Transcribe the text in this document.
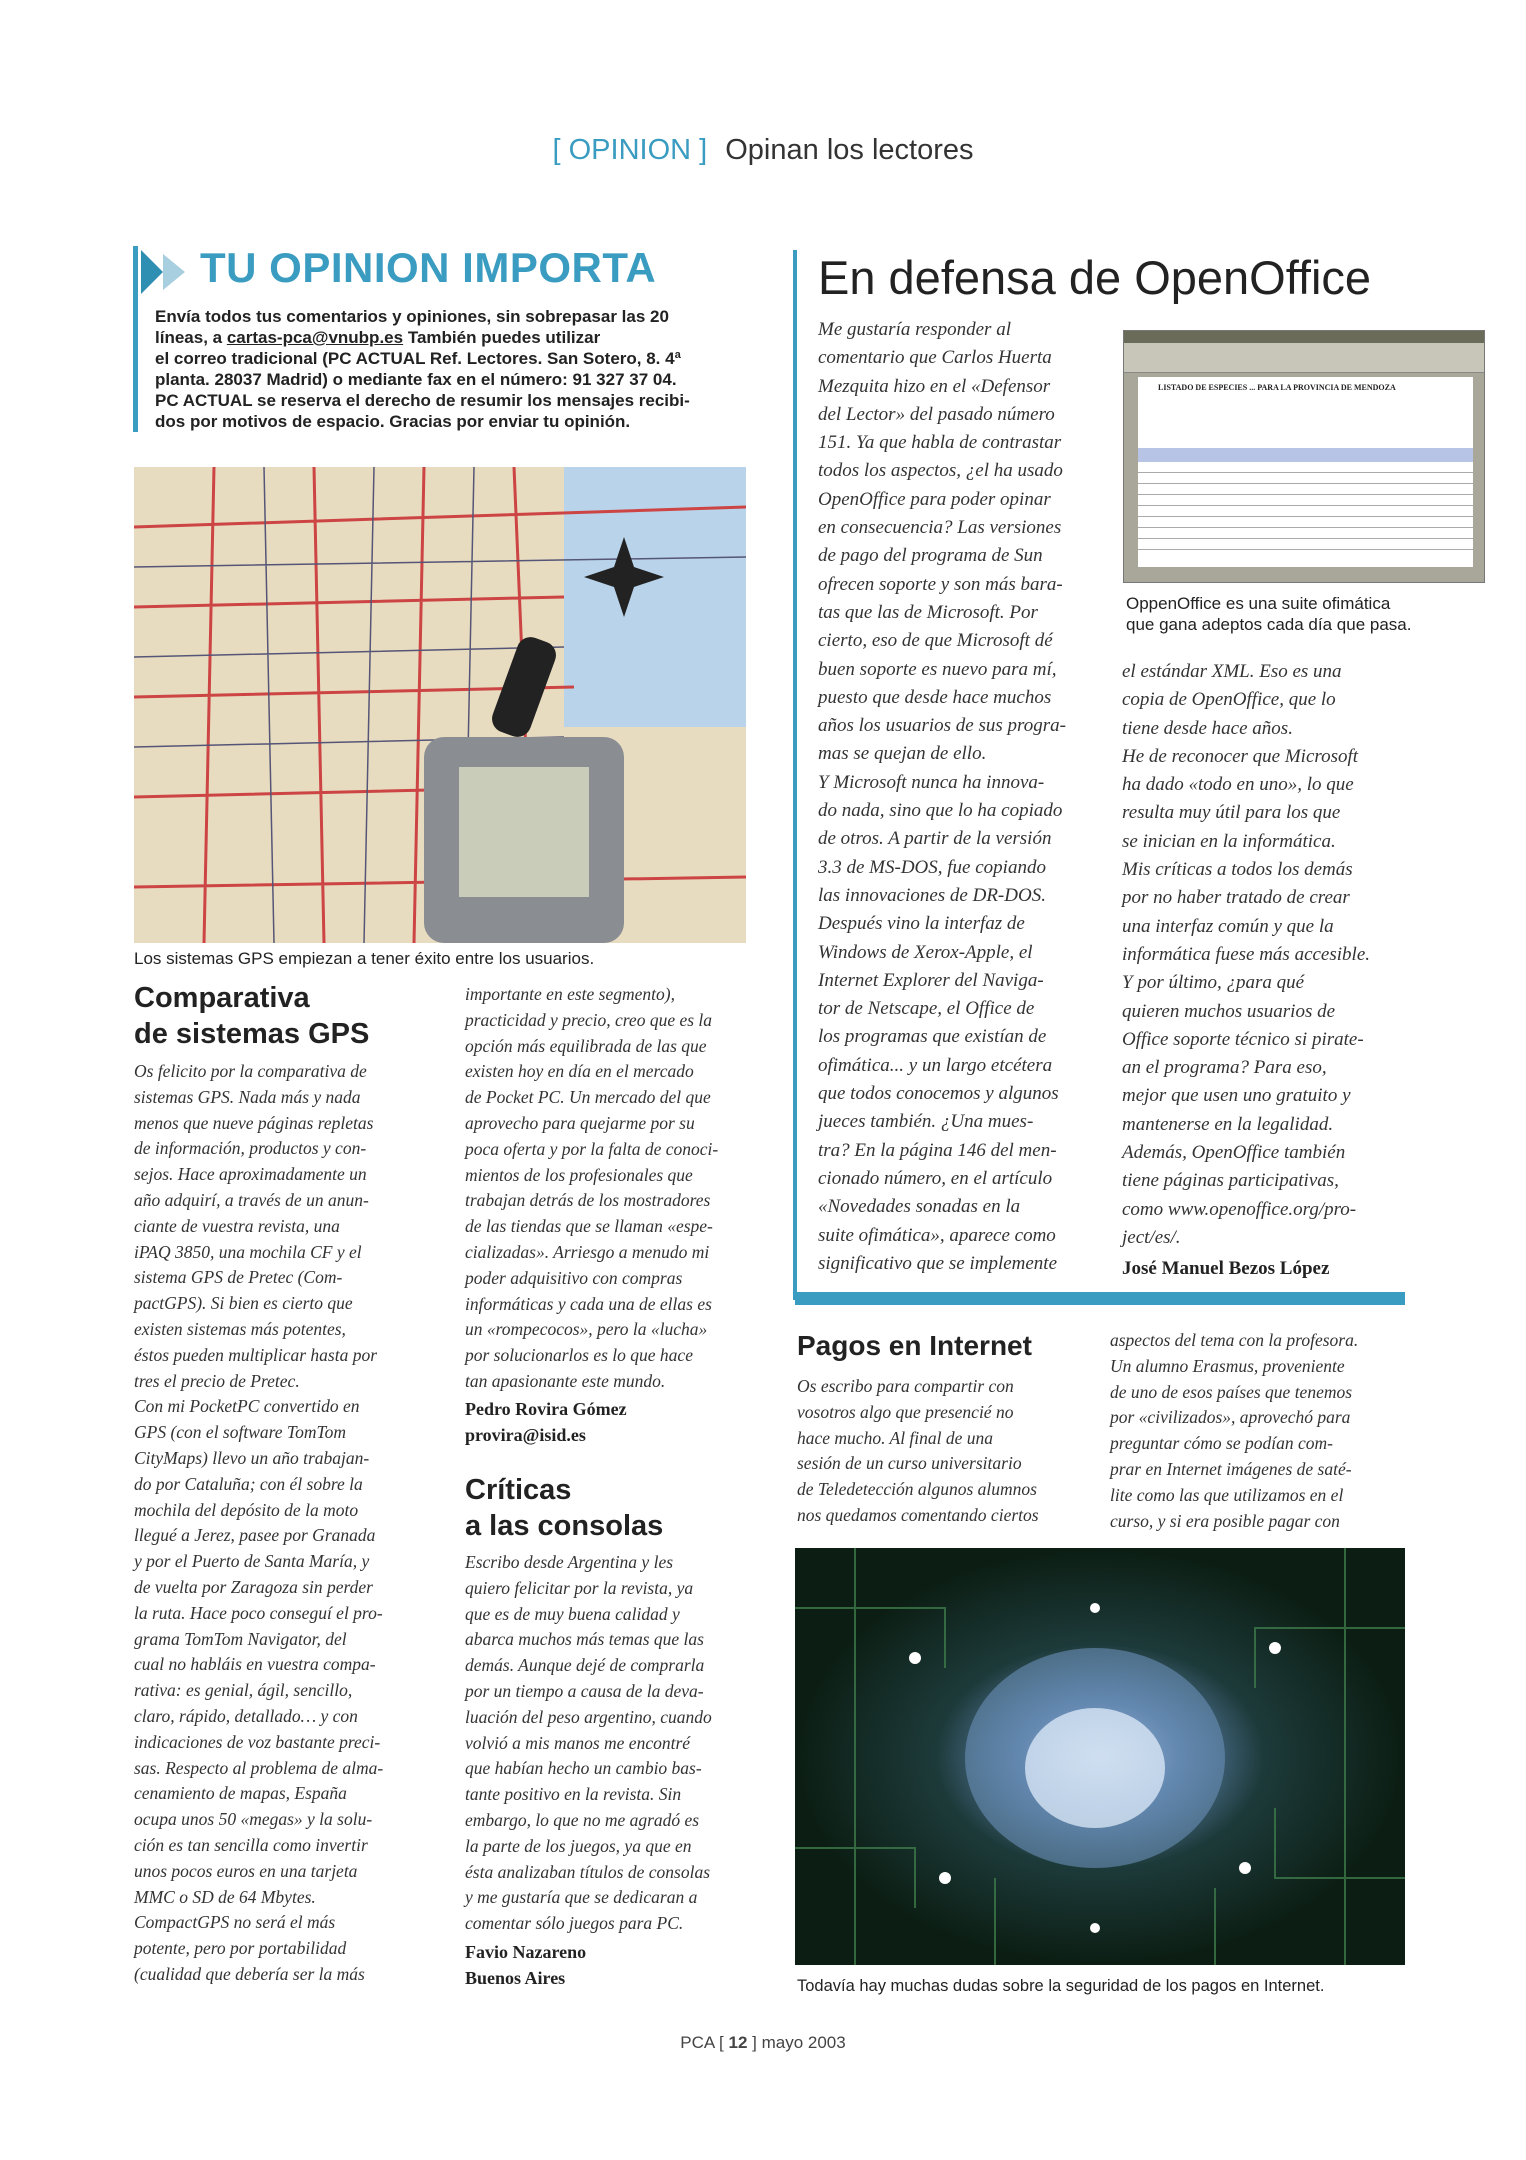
[ OPINION ] Opinan los lectores
TU OPINION IMPORTA
Envía todos tus comentarios y opiniones, sin sobrepasar las 20
líneas, a cartas-pca@vnubp.es También puedes utilizar
el correo tradicional (PC ACTUAL Ref. Lectores. San Sotero, 8. 4ª
planta. 28037 Madrid) o mediante fax en el número: 91 327 37 04.
PC ACTUAL se reserva el derecho de resumir los mensajes recibi-
dos por motivos de espacio. Gracias por enviar tu opinión.
Los sistemas GPS empiezan a tener éxito entre los usuarios.
Comparativa
de sistemas GPS
Os felicito por la comparativa de
sistemas GPS. Nada más y nada
menos que nueve páginas repletas
de información, productos y con-
sejos. Hace aproximadamente un
año adquirí, a través de un anun-
ciante de vuestra revista, una
iPAQ 3850, una mochila CF y el
sistema GPS de Pretec (Com-
pactGPS). Si bien es cierto que
existen sistemas más potentes,
éstos pueden multiplicar hasta por
tres el precio de Pretec.
Con mi PocketPC convertido en
GPS (con el software TomTom
CityMaps) llevo un año trabajan-
do por Cataluña; con él sobre la
mochila del depósito de la moto
llegué a Jerez, pasee por Granada
y por el Puerto de Santa María, y
de vuelta por Zaragoza sin perder
la ruta. Hace poco conseguí el pro-
grama TomTom Navigator, del
cual no habláis en vuestra compa-
rativa: es genial, ágil, sencillo,
claro, rápido, detallado… y con
indicaciones de voz bastante preci-
sas. Respecto al problema de alma-
cenamiento de mapas, España
ocupa unos 50 «megas» y la solu-
ción es tan sencilla como invertir
unos pocos euros en una tarjeta
MMC o SD de 64 Mbytes.
CompactGPS no será el más
potente, pero por portabilidad
(cualidad que debería ser la más
importante en este segmento),
practicidad y precio, creo que es la
opción más equilibrada de las que
existen hoy en día en el mercado
de Pocket PC. Un mercado del que
aprovecho para quejarme por su
poca oferta y por la falta de conoci-
mientos de los profesionales que
trabajan detrás de los mostradores
de las tiendas que se llaman «espe-
cializadas». Arriesgo a menudo mi
poder adquisitivo con compras
informáticas y cada una de ellas es
un «rompecocos», pero la «lucha»
por solucionarlos es lo que hace
tan apasionante este mundo.
Pedro Rovira Gómez
provira@isid.es
Críticas
a las consolas
Escribo desde Argentina y les
quiero felicitar por la revista, ya
que es de muy buena calidad y
abarca muchos más temas que las
demás. Aunque dejé de comprarla
por un tiempo a causa de la deva-
luación del peso argentino, cuando
volvió a mis manos me encontré
que habían hecho un cambio bas-
tante positivo en la revista. Sin
embargo, lo que no me agradó es
la parte de los juegos, ya que en
ésta analizaban títulos de consolas
y me gustaría que se dedicaran a
comentar sólo juegos para PC.
Favio Nazareno
Buenos Aires
En defensa de OpenOffice
Me gustaría responder al
comentario que Carlos Huerta
Mezquita hizo en el «Defensor
del Lector» del pasado número
151. Ya que habla de contrastar
todos los aspectos, ¿el ha usado
OpenOffice para poder opinar
en consecuencia? Las versiones
de pago del programa de Sun
ofrecen soporte y son más bara-
tas que las de Microsoft. Por
cierto, eso de que Microsoft dé
buen soporte es nuevo para mí,
puesto que desde hace muchos
años los usuarios de sus progra-
mas se quejan de ello.
Y Microsoft nunca ha innova-
do nada, sino que lo ha copiado
de otros. A partir de la versión
3.3 de MS-DOS, fue copiando
las innovaciones de DR-DOS.
Después vino la interfaz de
Windows de Xerox-Apple, el
Internet Explorer del Naviga-
tor de Netscape, el Office de
los programas que existían de
ofimática... y un largo etcétera
que todos conocemos y algunos
jueces también. ¿Una mues-
tra? En la página 146 del men-
cionado número, en el artículo
«Novedades sonadas en la
suite ofimática», aparece como
significativo que se implemente
LISTADO DE ESPECIES ... PARA LA PROVINCIA DE MENDOZA
OppenOffice es una suite ofimática
que gana adeptos cada día que pasa.
el estándar XML. Eso es una
copia de OpenOffice, que lo
tiene desde hace años.
He de reconocer que Microsoft
ha dado «todo en uno», lo que
resulta muy útil para los que
se inician en la informática.
Mis críticas a todos los demás
por no haber tratado de crear
una interfaz común y que la
informática fuese más accesible.
Y por último, ¿para qué
quieren muchos usuarios de
Office soporte técnico si pirate-
an el programa? Para eso,
mejor que usen uno gratuito y
mantenerse en la legalidad.
Además, OpenOffice también
tiene páginas participativas,
como www.openoffice.org/pro-
ject/es/.
José Manuel Bezos López
Pagos en Internet
Os escribo para compartir con
vosotros algo que presencié no
hace mucho. Al final de una
sesión de un curso universitario
de Teledetección algunos alumnos
nos quedamos comentando ciertos
aspectos del tema con la profesora.
Un alumno Erasmus, proveniente
de uno de esos países que tenemos
por «civilizados», aprovechó para
preguntar cómo se podían com-
prar en Internet imágenes de saté-
lite como las que utilizamos en el
curso, y si era posible pagar con
Todavía hay muchas dudas sobre la seguridad de los pagos en Internet.
PCA [ 12 ] mayo 2003
